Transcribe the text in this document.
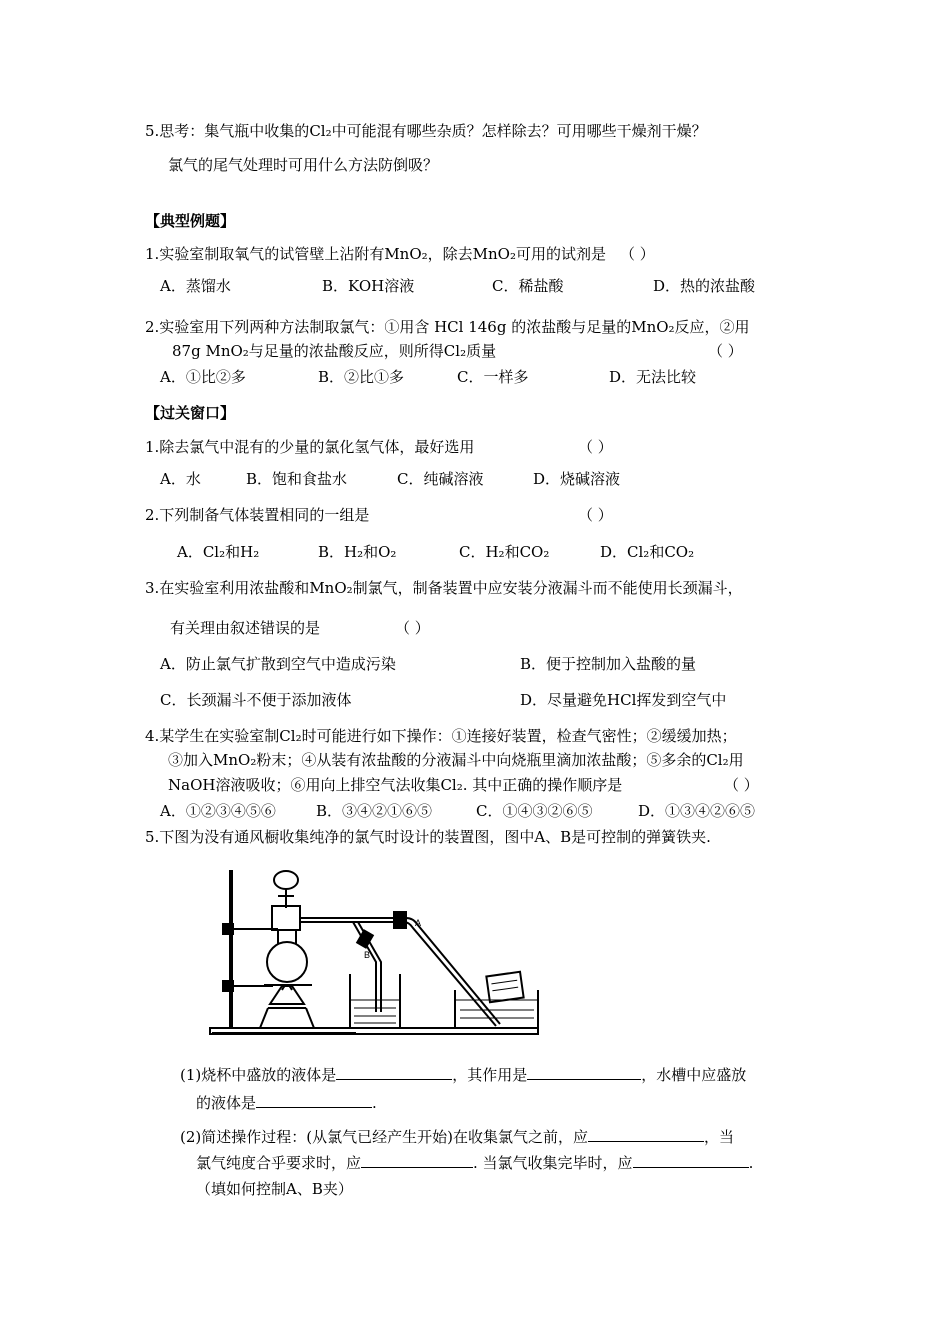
5.思考：集气瓶中收集的Cl₂中可能混有哪些杂质？怎样除去？可用哪些干燥剂干燥？
氯气的尾气处理时可用什么方法防倒吸？
【典型例题】
1.实验室制取氧气的试管壁上沾附有MnO₂，除去MnO₂可用的试剂是 （ ）
A．蒸馏水	B．KOH溶液	C．稀盐酸	D．热的浓盐酸
2.实验室用下列两种方法制取氯气：①用含 HCl 146g 的浓盐酸与足量的MnO₂反应，②用
87g MnO₂与足量的浓盐酸反应，则所得Cl₂质量	（ ）
A．①比②多	B．②比①多	C．一样多	D．无法比较
【过关窗口】
1.除去氯气中混有的少量的氯化氢气体，最好选用	（ ）
A．水	B．饱和食盐水	C．纯碱溶液	D．烧碱溶液
2.下列制备气体装置相同的一组是	（ ）
A．Cl₂和H₂	B．H₂和O₂	C．H₂和CO₂	D．Cl₂和CO₂
3.在实验室利用浓盐酸和MnO₂制氯气，制备装置中应安装分液漏斗而不能使用长颈漏斗，
有关理由叙述错误的是	（ ）
A．防止氯气扩散到空气中造成污染	B．便于控制加入盐酸的量
C．长颈漏斗不便于添加液体	D．尽量避免HCl挥发到空气中
4.某学生在实验室制Cl₂时可能进行如下操作：①连接好装置，检查气密性；②缓缓加热；
③加入MnO₂粉末；④从装有浓盐酸的分液漏斗中向烧瓶里滴加浓盐酸；⑤多余的Cl₂用
NaOH溶液吸收；⑥用向上排空气法收集Cl₂. 其中正确的操作顺序是	（ ）
A．①②③④⑤⑥	B．③④②①⑥⑤	C．①④③②⑥⑤	D．①③④②⑥⑤
5.下图为没有通风橱收集纯净的氯气时设计的装置图，图中A、B是可控制的弹簧铁夹.
A
B
(1)烧杯中盛放的液体是	，其作用是	，水槽中应盛放
的液体是	.
(2)简述操作过程：(从氯气已经产生开始)在收集氯气之前，应	，当
氯气纯度合乎要求时，应	. 当氯气收集完毕时，应	.
（填如何控制A、B夹）
